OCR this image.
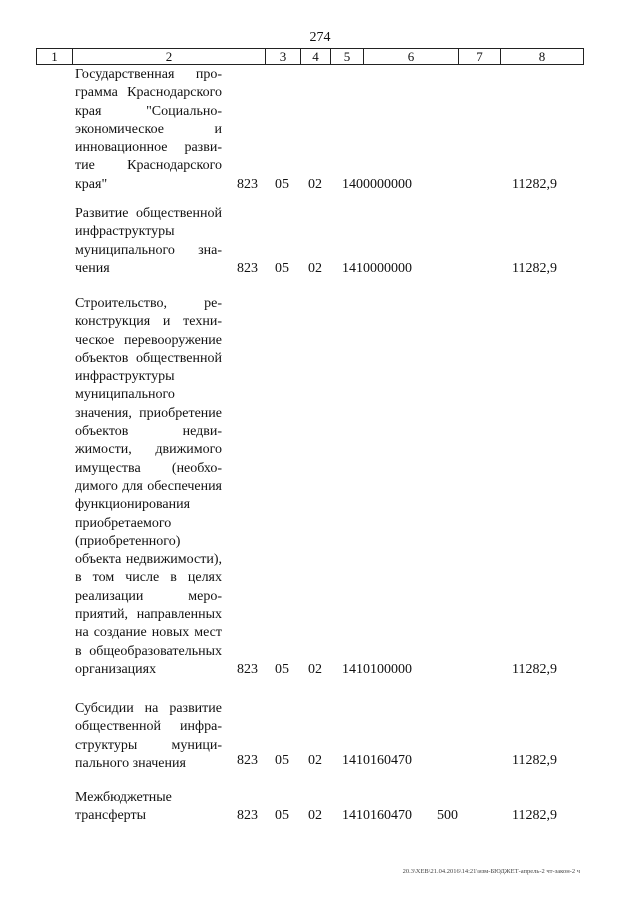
274
1	2	3	4	5	6	7	8
Государственная программа Краснодарского края "Социально-экономическое и инновационное развитие Краснодарского края"	823 05 02 1400000000	11282,9
Развитие общественной инфраструктуры муниципального значения	823 05 02 1410000000	11282,9
Строительство, реконструкция и техническое перевооружение объектов общественной инфраструктуры муниципального значения, приобретение объектов недвижимости, движимого имущества (необходимого для обеспечения функционирования приобретаемого (приобретенного) объекта недвижимости), в том числе в целях реализации мероприятий, направленных на создание новых мест в общеобразовательных организациях	823 05 02 1410100000	11282,9
Субсидии на развитие общественной инфраструктуры муниципального значения	823 05 02 1410160470	11282,9
Межбюджетные трансферты	823 05 02 1410160470 500	11282,9
20.3\ХЕВ\21.04.2016\14:21\изм-БЮДЖЕТ-апрель-2 чт-закон-2 ч
